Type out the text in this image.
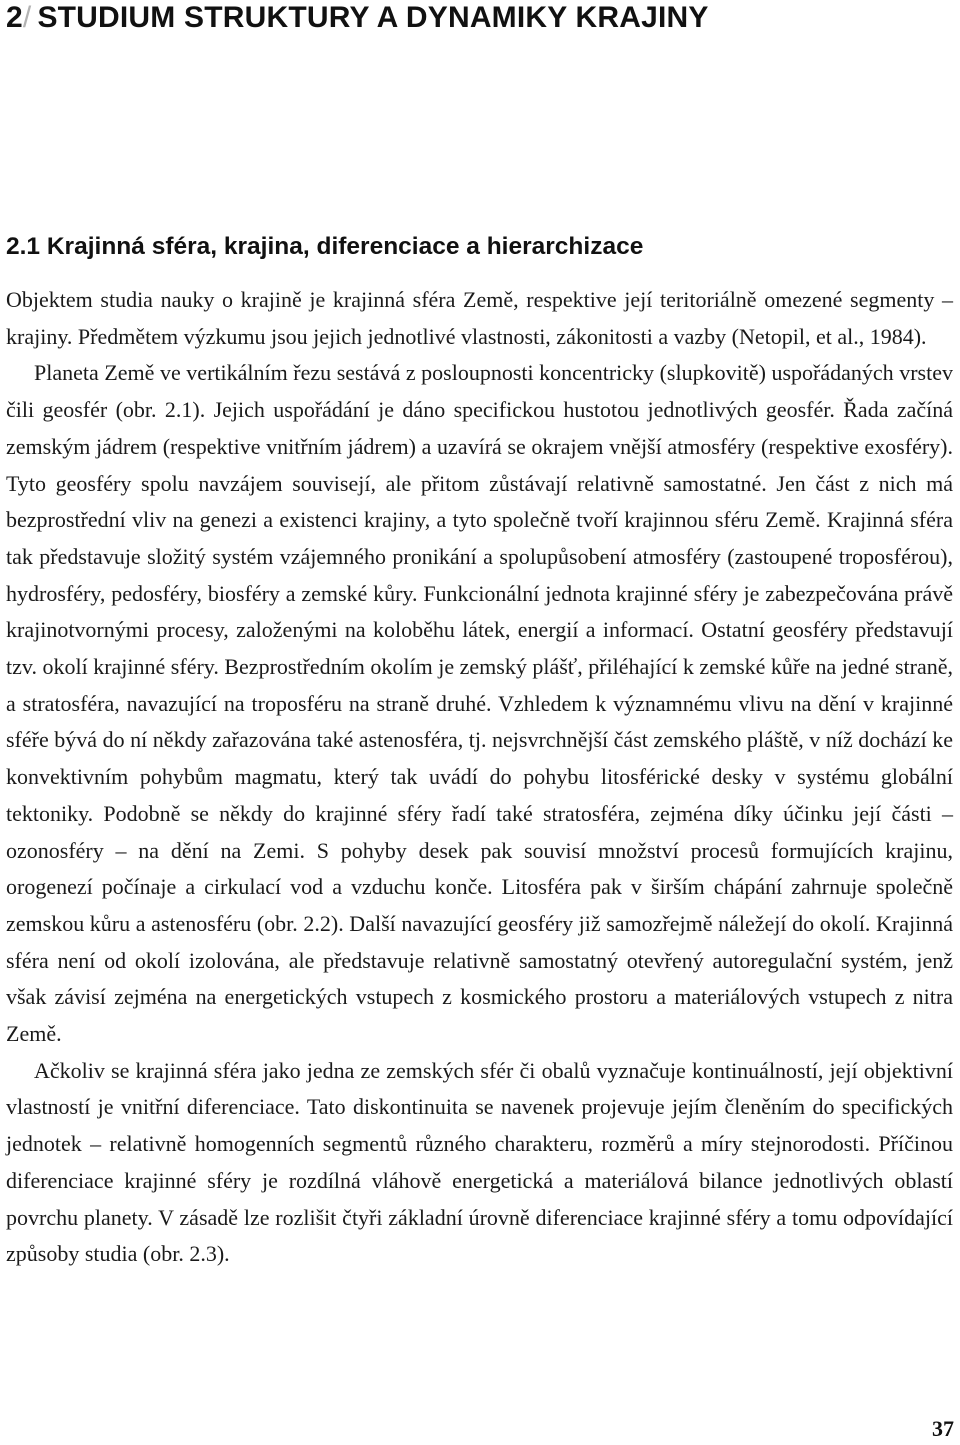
2/ STUDIUM STRUKTURY A DYNAMIKY KRAJINY
2.1 Krajinná sféra, krajina, diferenciace a hierarchizace

Objektem studia nauky o krajině je krajinná sféra Země, respektive její teritoriálně omezené segmenty – krajiny. Předmětem výzkumu jsou jejich jednotlivé vlastnosti, zákonitosti a vazby (Netopil, et al., 1984).

Planeta Země ve vertikálním řezu sestává z posloupnosti koncentricky (slupkovitě) uspořádaných vrstev čili geosfér (obr. 2.1). Jejich uspořádání je dáno specifickou hustotou jednotlivých geosfér. Řada začíná zemským jádrem (respektive vnitřním jádrem) a uzavírá se okrajem vnější atmosféry (respektive exosféry). Tyto geosféry spolu navzájem souvisejí, ale přitom zůstávají relativně samostatné. Jen část z nich má bezprostřední vliv na genezi a existenci krajiny, a tyto společně tvoří krajinnou sféru Země. Krajinná sféra tak představuje složitý systém vzájemného pronikání a spolupůsobení atmosféry (zastoupené troposférou), hydrosféry, pedosféry, biosféry a zemské kůry. Funkcionální jednota krajinné sféry je zabezpečována právě krajinotvornými procesy, založenými na koloběhu látek, energií a informací. Ostatní geosféry představují tzv. okolí krajinné sféry. Bezprostředním okolím je zemský plášť, přiléhající k zemské kůře na jedné straně, a stratosféra, navazující na troposféru na straně druhé. Vzhledem k významnému vlivu na dění v krajinné sféře bývá do ní někdy zařazována také astenosféra, tj. nejsvrchnější část zemského pláště, v níž dochází ke konvektivním pohybům magmatu, který tak uvádí do pohybu litosférické desky v systému globální tektoniky. Podobně se někdy do krajinné sféry řadí také stratosféra, zejména díky účinku její části – ozonosféry – na dění na Zemi. S pohyby desek pak souvisí množství procesů formujících krajinu, orogenezí počínaje a cirkulací vod a vzduchu konče. Litosféra pak v širším chápání zahrnuje společně zemskou kůru a astenosféru (obr. 2.2). Další navazující geosféry již samozřejmě náležejí do okolí. Krajinná sféra není od okolí izolována, ale představuje relativně samostatný otevřený autoregulační systém, jenž však závisí zejména na energetických vstupech z kosmického prostoru a materiálových vstupech z nitra Země.

Ačkoliv se krajinná sféra jako jedna ze zemských sfér či obalů vyznačuje kontinuálností, její objektivní vlastností je vnitřní diferenciace. Tato diskontinuita se navenek projevuje jejím členěním do specifických jednotek – relativně homogenních segmentů různého charakteru, rozměrů a míry stejnorodosti. Příčinou diferenciace krajinné sféry je rozdílná vláhově energetická a materiálová bilance jednotlivých oblastí povrchu planety. V zásadě lze rozlišit čtyři základní úrovně diferenciace krajinné sféry a tomu odpovídající způsoby studia (obr. 2.3).

37
